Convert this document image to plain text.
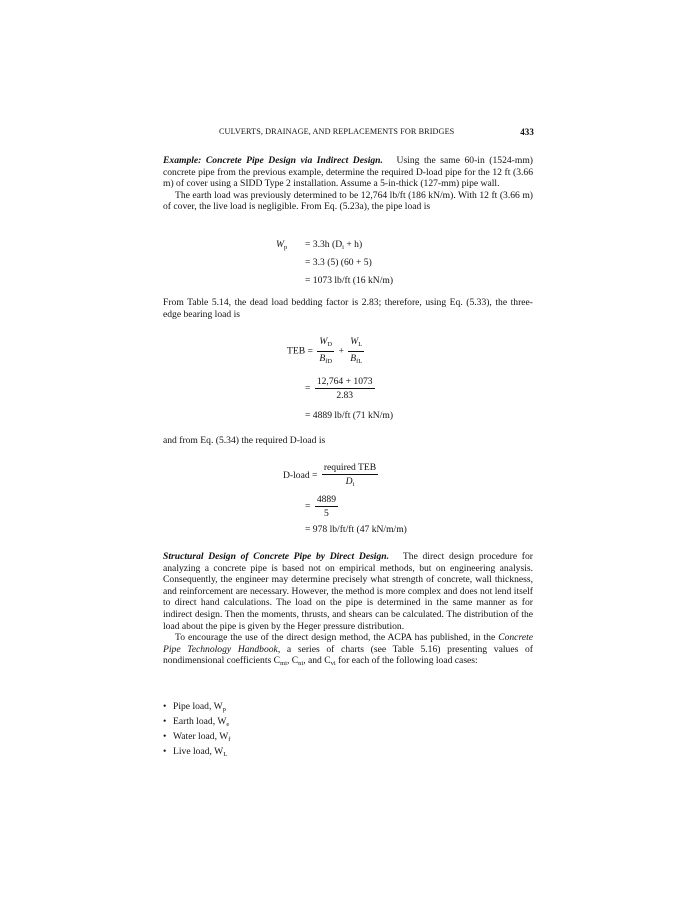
CULVERTS, DRAINAGE, AND REPLACEMENTS FOR BRIDGES	433

Example: Concrete Pipe Design via Indirect Design. Using the same 60-in (1524-mm) concrete pipe from the previous example, determine the required D-load pipe for the 12 ft (3.66 m) of cover using a SIDD Type 2 installation. Assume a 5-in-thick (127-mm) pipe wall.

The earth load was previously determined to be 12,764 lb/ft (186 kN/m). With 12 ft (3.66 m) of cover, the live load is negligible. From Eq. (5.23a), the pipe load is

$W_p = 3.3h$ $(D_i + h)$
= 3.3 (5) (60 + 5)
= 1073 lb/ft (16 kN/m)

From Table 5.14, the dead load bedding factor is 2.83; therefore, using Eq. (5.33), the three-edge bearing load is

TEB = $\frac{W_D}{B_{fD}} + \frac{W_L}{B_{fL}}$
= $\frac{12,764 + 1073}{2.83}$
= 4889 lb/ft (71 kN/m)

and from Eq. (5.34) the required D-load is

D-load = $\frac{\text{required TEB}}{D_i}$
= $\frac{4889}{5}$
= 978 lb/ft/ft (47 kN/m/m)

Structural Design of Concrete Pipe by Direct Design. The direct design procedure for analyzing a concrete pipe is based not on empirical methods, but on engineering analysis. Consequently, the engineer may determine precisely what strength of concrete, wall thickness, and reinforcement are necessary. However, the method is more complex and does not lend itself to direct hand calculations. The load on the pipe is determined in the same manner as for indirect design. Then the moments, thrusts, and shears can be calculated. The distribution of the load about the pipe is given by the Heger pressure distribution.

To encourage the use of the direct design method, the ACPA has published, in the Concrete Pipe Technology Handbook, a series of charts (see Table 5.16) presenting values of nondimensional coefficients $C_{mi}$, $C_{ni}$, and $C_{vi}$ for each of the following load cases:

• Pipe load, $W_p$
• Earth load, $W_e$
• Water load, $W_f$
• Live load, $W_L$
